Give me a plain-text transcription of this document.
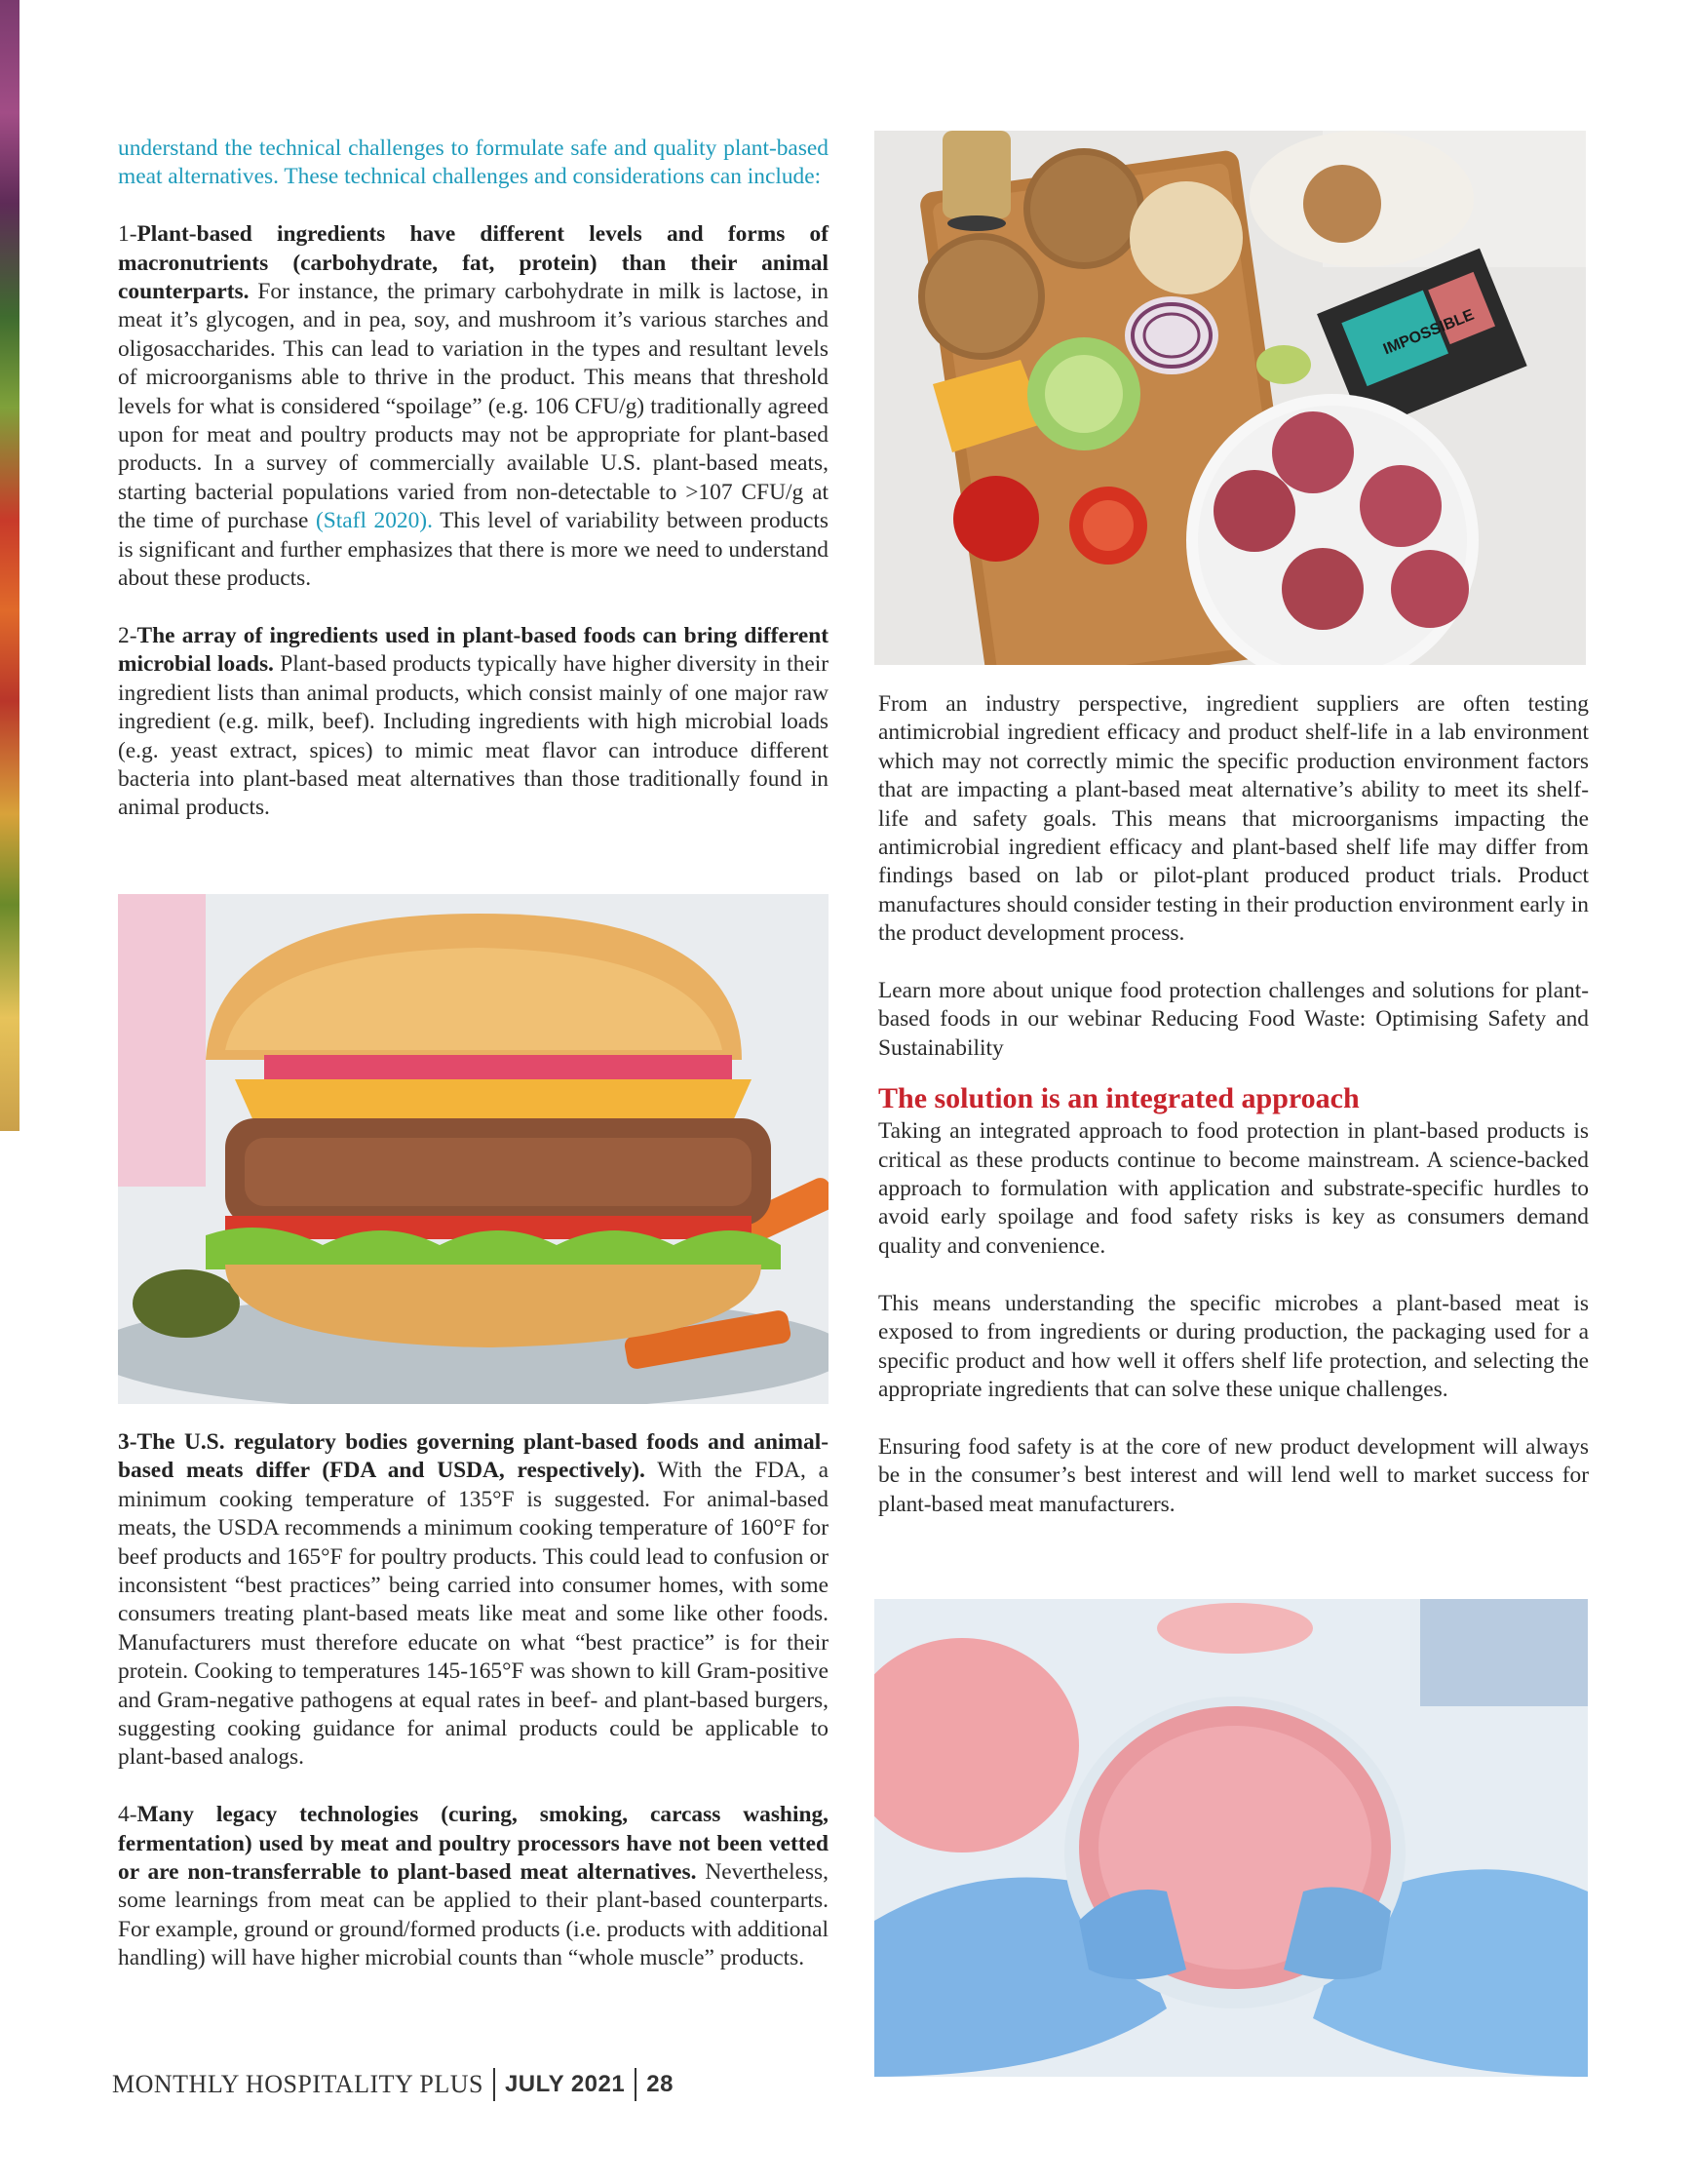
understand the technical challenges to formulate safe and quality plant-based meat alternatives. These technical challenges and considerations can include:

1-Plant-based ingredients have different levels and forms of macronutrients (carbohydrate, fat, protein) than their animal counterparts. For instance, the primary carbohydrate in milk is lactose, in meat it’s glycogen, and in pea, soy, and mushroom it’s various starches and oligosaccharides. This can lead to variation in the types and resultant levels of microorganisms able to thrive in the product. This means that threshold levels for what is considered “spoilage” (e.g. 106 CFU/g) traditionally agreed upon for meat and poultry products may not be appropriate for plant-based products. In a survey of commercially available U.S. plant-based meats, starting bacterial populations varied from non-detectable to >107 CFU/g at the time of purchase (Stafl 2020). This level of variability between products is significant and further emphasizes that there is more we need to understand about these products.

2-The array of ingredients used in plant-based foods can bring different microbial loads. Plant-based products typically have higher diversity in their ingredient lists than animal products, which consist mainly of one major raw ingredient (e.g. milk, beef). Including ingredients with high microbial loads (e.g. yeast extract, spices) to mimic meat flavor can introduce different bacteria into plant-based meat alternatives than those traditionally found in animal products.

3-The U.S. regulatory bodies governing plant-based foods and animal-based meats differ (FDA and USDA, respectively). With the FDA, a minimum cooking temperature of 135°F is suggested. For animal-based meats, the USDA recommends a minimum cooking temperature of 160°F for beef products and 165°F for poultry products. This could lead to confusion or inconsistent “best practices” being carried into consumer homes, with some consumers treating plant-based meats like meat and some like other foods. Manufacturers must therefore educate on what “best practice” is for their protein. Cooking to temperatures 145-165°F was shown to kill Gram-positive and Gram-negative pathogens at equal rates in beef- and plant-based burgers, suggesting cooking guidance for animal products could be applicable to plant-based analogs.

4-Many legacy technologies (curing, smoking, carcass washing, fermentation) used by meat and poultry processors have not been vetted or are non-transferrable to plant-based meat alternatives. Nevertheless, some learnings from meat can be applied to their plant-based counterparts. For example, ground or ground/formed products (i.e. products with additional handling) will have higher microbial counts than “whole muscle” products.

From an industry perspective, ingredient suppliers are often testing antimicrobial ingredient efficacy and product shelf-life in a lab environment which may not correctly mimic the specific production environment factors that are impacting a plant-based meat alternative’s ability to meet its shelf-life and safety goals. This means that microorganisms impacting the antimicrobial ingredient efficacy and plant-based shelf life may differ from findings based on lab or pilot-plant produced product trials. Product manufactures should consider testing in their production environment early in the product development process.

Learn more about unique food protection challenges and solutions for plant-based foods in our webinar Reducing Food Waste: Optimising Safety and Sustainability

The solution is an integrated approach

Taking an integrated approach to food protection in plant-based products is critical as these products continue to become mainstream. A science-backed approach to formulation with application and substrate-specific hurdles to avoid early spoilage and food safety risks is key as consumers demand quality and convenience.

This means understanding the specific microbes a plant-based meat is exposed to from ingredients or during production, the packaging used for a specific product and how well it offers shelf life protection, and selecting the appropriate ingredients that can solve these unique challenges.

Ensuring food safety is at the core of new product development will always be in the consumer’s best interest and will lend well to market success for plant-based meat manufacturers.

IMPOSSIBLE
MONTHLY HOSPITALITY PLUS JULY 2021 28
